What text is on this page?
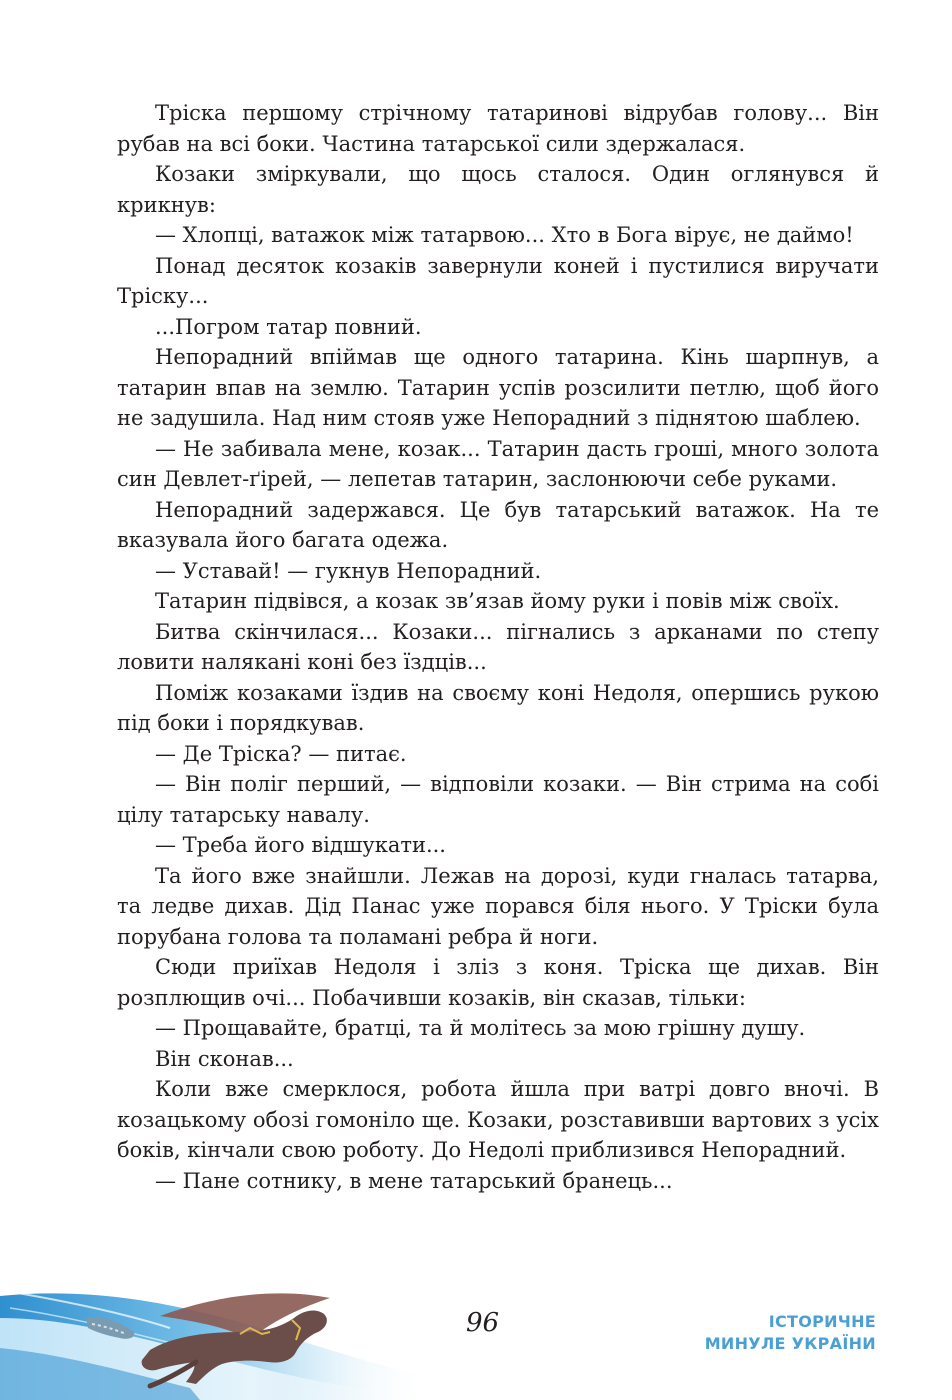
Тріска першому стрічному татаринові відрубав голову... Він рубав на всі боки. Частина татарської сили здержалася.

Козаки зміркували, що щось сталося. Один оглянувся й крикнув:

— Хлопці, ватажок між татарвою... Хто в Бога вірує, не даймо!

Понад десяток козаків завернули коней і пустилися виручати Тріску...

...Погром татар повний.

Непорадний впіймав ще одного татарина. Кінь шарпнув, а татарин впав на землю. Татарин успів розсилити петлю, щоб його не задушила. Над ним стояв уже Непорадний з піднятою шаблею.

— Не забивала мене, козак... Татарин дасть гроші, много золота син Девлет-ґірей, — лепетав татарин, заслонюючи себе руками.

Непорадний задержався. Це був татарський ватажок. На те вказувала його багата одежа.

— Уставай! — гукнув Непорадний.

Татарин підвівся, а козак зв’язав йому руки і повів між своїх.

Битва скінчилася... Козаки... пігнались з арканами по степу ловити налякані коні без їздців...

Поміж козаками їздив на своєму коні Недоля, опершись рукою під боки і порядкував.

— Де Тріска? — питає.

— Він поліг перший, — відповіли козаки. — Він стрима на собі цілу татарську навалу.

— Треба його відшукати...

Та його вже знайшли. Лежав на дорозі, куди гналась татарва, та ледве дихав. Дід Панас уже порався біля нього. У Тріски була порубана голова та поламані ребра й ноги.

Сюди приїхав Недоля і зліз з коня. Тріска ще дихав. Він розплющив очі... Побачивши козаків, він сказав, тільки:

— Прощавайте, братці, та й молітесь за мою грішну душу.

Він сконав...

Коли вже смерклося, робота йшла при ватрі довго вночі. В козацькому обозі гомоніло ще. Козаки, розставивши вартових з усіх боків, кінчали свою роботу. До Недолі приблизився Непорадний.

— Пане сотнику, в мене татарський бранець...

96	ІСТОРИЧНЕ
МИНУЛЕ УКРАЇНИ
